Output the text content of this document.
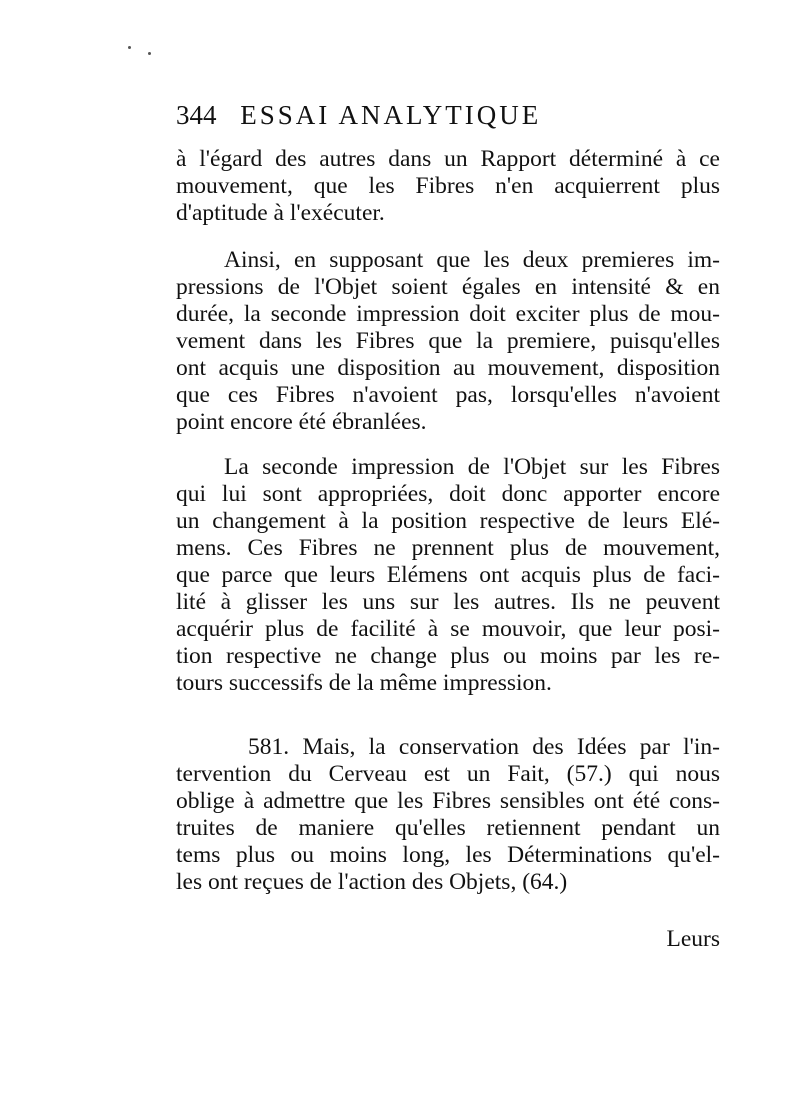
344 ESSAI ANALYTIQUE
à l'égard des autres dans un Rapport déterminé à ce
mouvement, que les Fibres n'en acquierrent plus
d'aptitude à l'exécuter.
Ainsi, en supposant que les deux premieres im-
pressions de l'Objet soient égales en intensité & en
durée, la seconde impression doit exciter plus de mou-
vement dans les Fibres que la premiere, puisqu'elles
ont acquis une disposition au mouvement, disposition
que ces Fibres n'avoient pas, lorsqu'elles n'avoient
point encore été ébranlées.
La seconde impression de l'Objet sur les Fibres
qui lui sont appropriées, doit donc apporter encore
un changement à la position respective de leurs Elé-
mens. Ces Fibres ne prennent plus de mouvement,
que parce que leurs Elémens ont acquis plus de faci-
lité à glisser les uns sur les autres. Ils ne peuvent
acquérir plus de facilité à se mouvoir, que leur posi-
tion respective ne change plus ou moins par les re-
tours successifs de la même impression.
581. Mais, la conservation des Idées par l'in-
tervention du Cerveau est un Fait, (57.) qui nous
oblige à admettre que les Fibres sensibles ont été cons-
truites de maniere qu'elles retiennent pendant un
tems plus ou moins long, les Déterminations qu'el-
les ont reçues de l'action des Objets, (64.)
Leurs
